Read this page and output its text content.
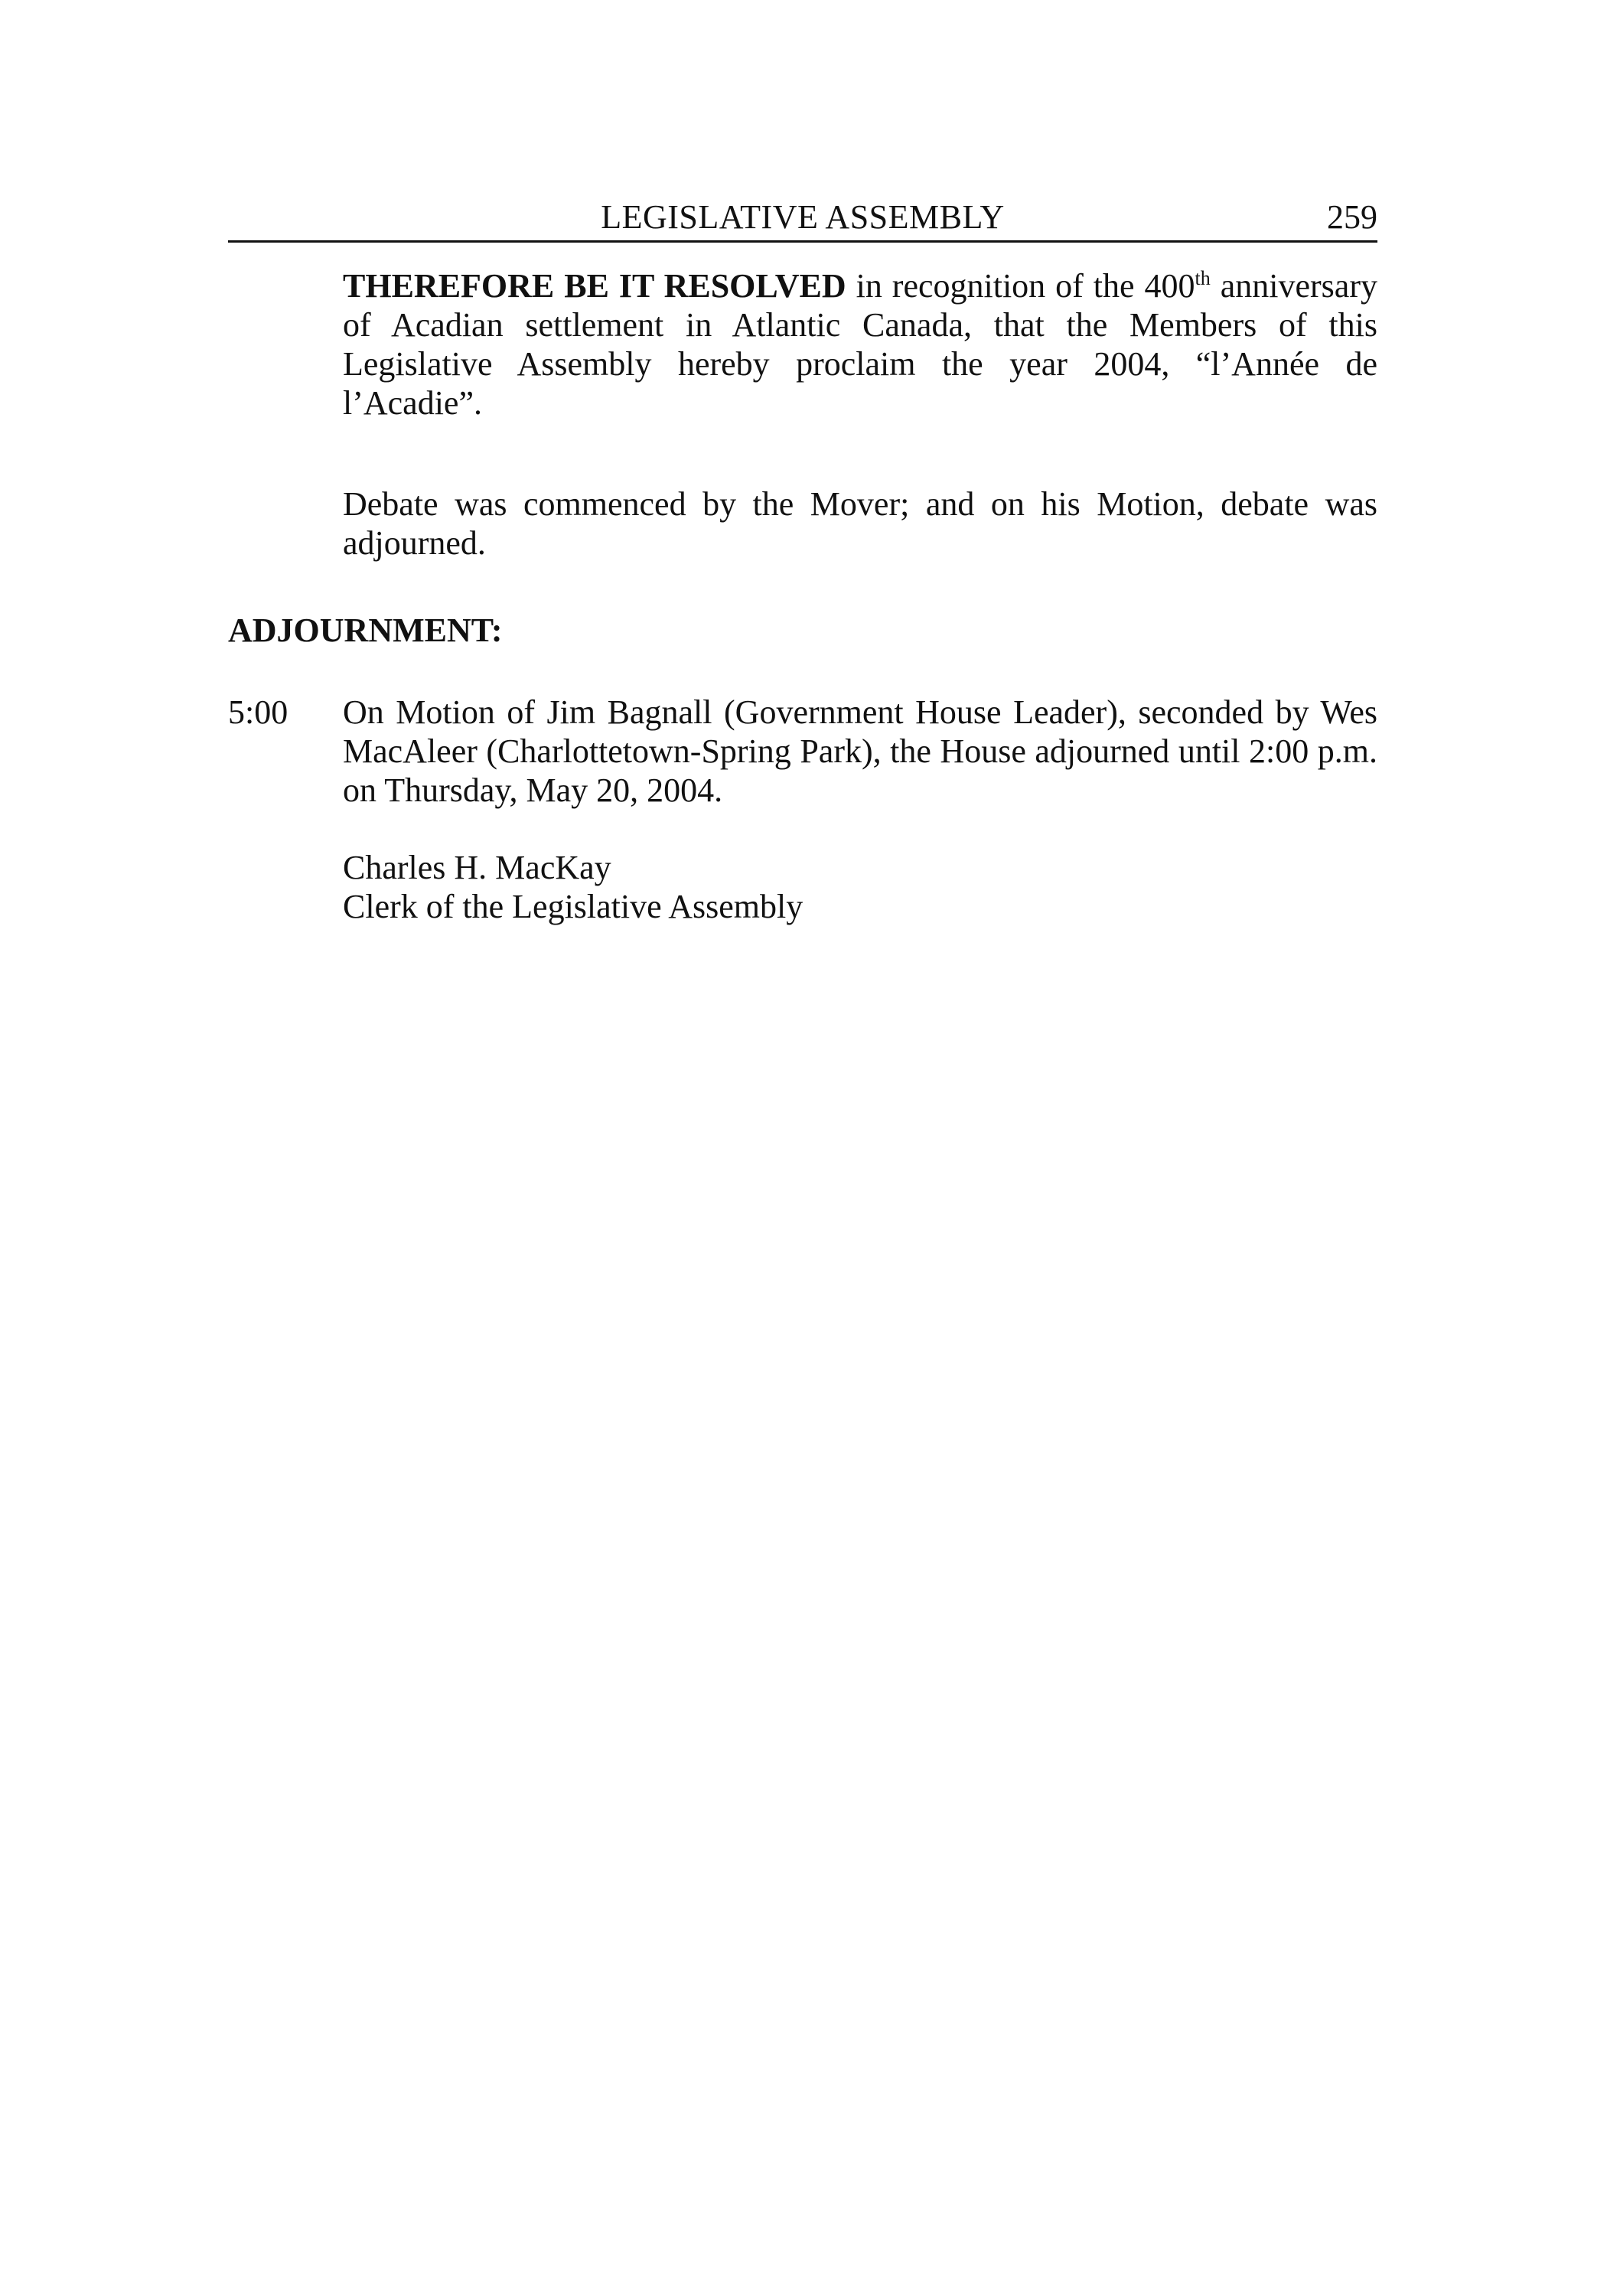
LEGISLATIVE ASSEMBLY	259

THEREFORE BE IT RESOLVED in recognition of the 400th anniversary of Acadian settlement in Atlantic Canada, that the Members of this Legislative Assembly hereby proclaim the year 2004, “l’Année de l’Acadie”.

Debate was commenced by the Mover; and on his Motion, debate was adjourned.

ADJOURNMENT:
5:00 On Motion of Jim Bagnall (Government House Leader), seconded by Wes MacAleer (Charlottetown-Spring Park), the House adjourned until 2:00 p.m. on Thursday, May 20, 2004.

Charles H. MacKay
Clerk of the Legislative Assembly
